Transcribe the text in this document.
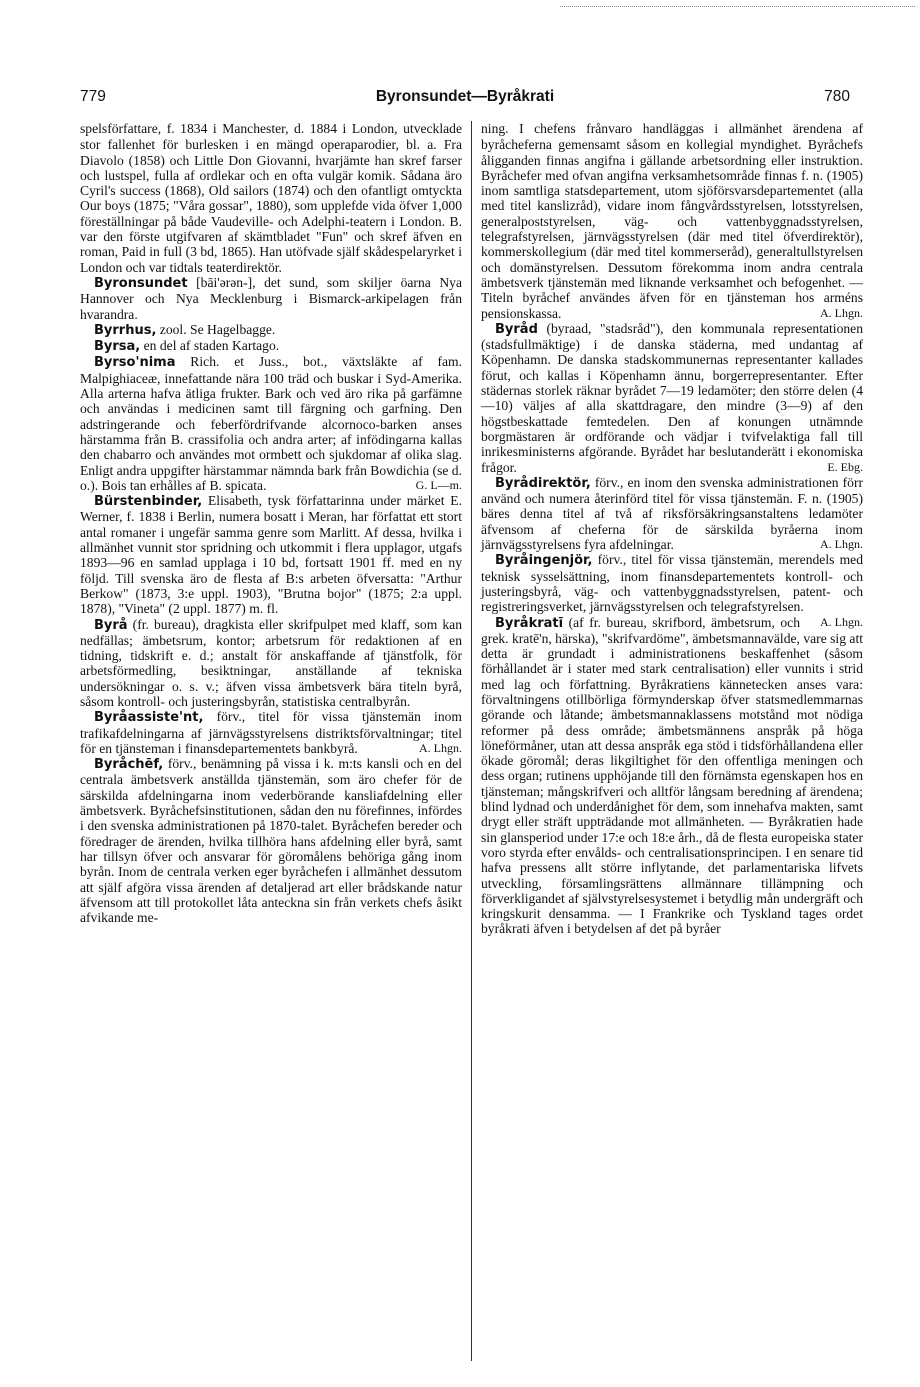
779	Byronsundet—Byråkrati	780

spelsförfattare, f. 1834 i Manchester, d. 1884 i London, utvecklade stor fallenhet för burlesken i en mängd operaparodier, bl. a. Fra Diavolo (1858) och Little Don Giovanni, hvarjämte han skref farser och lustspel, fulla af ordlekar och en ofta vulgär komik. Sådana äro Cyril's success (1868), Old sailors (1874) och den ofantligt omtyckta Our boys (1875; "Våra gossar", 1880), som upplefde vida öfver 1,000 föreställningar på både Vaudeville- och Adelphi-teatern i London. B. var den förste utgifvaren af skämtbladet "Fun" och skref äfven en roman, Paid in full (3 bd, 1865). Han utöfvade själf skådespelaryrket i London och var tidtals teaterdirektör.

Byronsundet [bāi'ərən-], det sund, som skiljer öarna Nya Hannover och Nya Mecklenburg i Bismarck-arkipelagen från hvarandra.

Byrrhus, zool. Se Hagelbagge.

Byrsa, en del af staden Kartago.

Byrso'nima Rich. et Juss., bot., växtsläkte af fam. Malpighiaceæ, innefattande nära 100 träd och buskar i Syd-Amerika. Alla arterna hafva ätliga frukter. Bark och ved äro rika på garfämne och användas i medicinen samt till färgning och garfning. Den adstringerande och feberfördrifvande alcornoco-barken anses härstamma från B. crassifolia och andra arter; af infödingarna kallas den chabarro och användes mot ormbett och sjukdomar af olika slag. Enligt andra uppgifter härstammar nämnda bark från Bowdichia (se d. o.). Bois tan erhålles af B. spicata.	G. L—m.

Bürstenbinder, Elisabeth, tysk författarinna under märket E. Werner, f. 1838 i Berlin, numera bosatt i Meran, har författat ett stort antal romaner i ungefär samma genre som Marlitt. Af dessa, hvilka i allmänhet vunnit stor spridning och utkommit i flera upplagor, utgafs 1893—96 en samlad upplaga i 10 bd, fortsatt 1901 ff. med en ny följd. Till svenska äro de flesta af B:s arbeten öfversatta: "Arthur Berkow" (1873, 3:e uppl. 1903), "Brutna bojor" (1875; 2:a uppl. 1878), "Vineta" (2 uppl. 1877) m. fl.

Byrå (fr. bureau), dragkista eller skrifpulpet med klaff, som kan nedfällas; ämbetsrum, kontor; arbetsrum för redaktionen af en tidning, tidskrift e. d.; anstalt för anskaffande af tjänstfolk, för arbetsförmedling, besiktningar, anställande af tekniska undersökningar o. s. v.; äfven vissa ämbetsverk bära titeln byrå, såsom kontroll- och justeringsbyrån, statistiska centralbyrån.

Byråassiste'nt, förv., titel för vissa tjänstemän inom trafikafdelningarna af järnvägsstyrelsens distriktsförvaltningar; titel för en tjänsteman i finansdepartementets bankbyrå.	A. Lhgn.

Byråchēf, förv., benämning på vissa i k. m:ts kansli och en del centrala ämbetsverk anställda tjänstemän, som äro chefer för de särskilda afdelningarna inom vederbörande kansliafdelning eller ämbetsverk. Byråchefsinstitutionen, sådan den nu förefinnes, infördes i den svenska administrationen på 1870-talet. Byråchefen bereder och föredrager de ärenden, hvilka tillhöra hans afdelning eller byrå, samt har tillsyn öfver och ansvarar för göromålens behöriga gång inom byrån. Inom de centrala verken eger byråchefen i allmänhet dessutom att själf afgöra vissa ärenden af detaljerad art eller brådskande natur äfvensom att till protokollet låta anteckna sin från verkets chefs åsikt afvikande me-

ning. I chefens frånvaro handläggas i allmänhet ärendena af byråcheferna gemensamt såsom en kollegial myndighet. Byråchefs åligganden finnas angifna i gällande arbetsordning eller instruktion. Byråchefer med ofvan angifna verksamhetsområde finnas f. n. (1905) inom samtliga statsdepartement, utom sjöförsvarsdepartementet (alla med titel kanslizråd), vidare inom fångvårdsstyrelsen, lotsstyrelsen, generalpoststyrelsen, väg- och vattenbyggnadsstyrelsen, telegrafstyrelsen, järnvägsstyrelsen (där med titel öfverdirektör), kommerskollegium (där med titel kommerseråd), generaltullstyrelsen och domänstyrelsen. Dessutom förekomma inom andra centrala ämbetsverk tjänstemän med liknande verksamhet och befogenhet. — Titeln byråchef användes äfven för en tjänsteman hos arméns pensionskassa.	A. Lhgn.

Byråd (byraad, "stadsråd"), den kommunala representationen (stadsfullmäktige) i de danska städerna, med undantag af Köpenhamn. De danska stadskommunernas representanter kallades förut, och kallas i Köpenhamn ännu, borgerrepresentanter. Efter städernas storlek räknar byrådet 7—19 ledamöter; den större delen (4—10) väljes af alla skattdragare, den mindre (3—9) af den högstbeskattade femtedelen. Den af konungen utnämnde borgmästaren är ordförande och vädjar i tvifvelaktiga fall till inrikesministerns afgörande. Byrådet har beslutanderätt i ekonomiska frågor.	E. Ebg.

Byrådirektör, förv., en inom den svenska administrationen förr använd och numera återinförd titel för vissa tjänstemän. F. n. (1905) bäres denna titel af två af riksförsäkringsanstaltens ledamöter äfvensom af cheferna för de särskilda byråerna inom järnvägsstyrelsens fyra afdelningar.	A. Lhgn.

Byråingenjör, förv., titel för vissa tjänstemän, merendels med teknisk sysselsättning, inom finansdepartementets kontroll- och justeringsbyrå, väg- och vattenbyggnadsstyrelsen, patent- och registreringsverket, järnvägsstyrelsen och telegrafstyrelsen.
A. Lhgn.

Byråkratī (af fr. bureau, skrifbord, ämbetsrum, och grek. kratē'n, härska), "skrifvardöme", ämbetsmannavälde, vare sig att detta är grundadt i administrationens beskaffenhet (såsom förhållandet är i stater med stark centralisation) eller vunnits i strid med lag och författning. Byråkratiens kännetecken anses vara: förvaltningens otillbörliga förmynderskap öfver statsmedlemmarnas görande och låtande; ämbetsmannaklassens motstånd mot nödiga reformer på dess område; ämbetsmännens anspråk på höga löneförmåner, utan att dessa anspråk ega stöd i tidsförhållandena eller ökade göromål; deras likgiltighet för den offentliga meningen och dess organ; rutinens upphöjande till den förnämsta egenskapen hos en tjänsteman; mångskrifveri och alltför långsam beredning af ärendena; blind lydnad och underdånighet för dem, som innehafva makten, samt drygt eller sträft uppträdande mot allmänheten. — Byråkratien hade sin glansperiod under 17:e och 18:e årh., då de flesta europeiska stater voro styrda efter envålds- och centralisationsprincipen. I en senare tid hafva pressens allt större inflytande, det parlamentariska lifvets utveckling, församlingsrättens allmännare tillämpning och förverkligandet af självstyrelsesystemet i betydlig mån undergräft och kringskurit densamma. — I Frankrike och Tyskland tages ordet byråkrati äfven i betydelsen af det på byråer
